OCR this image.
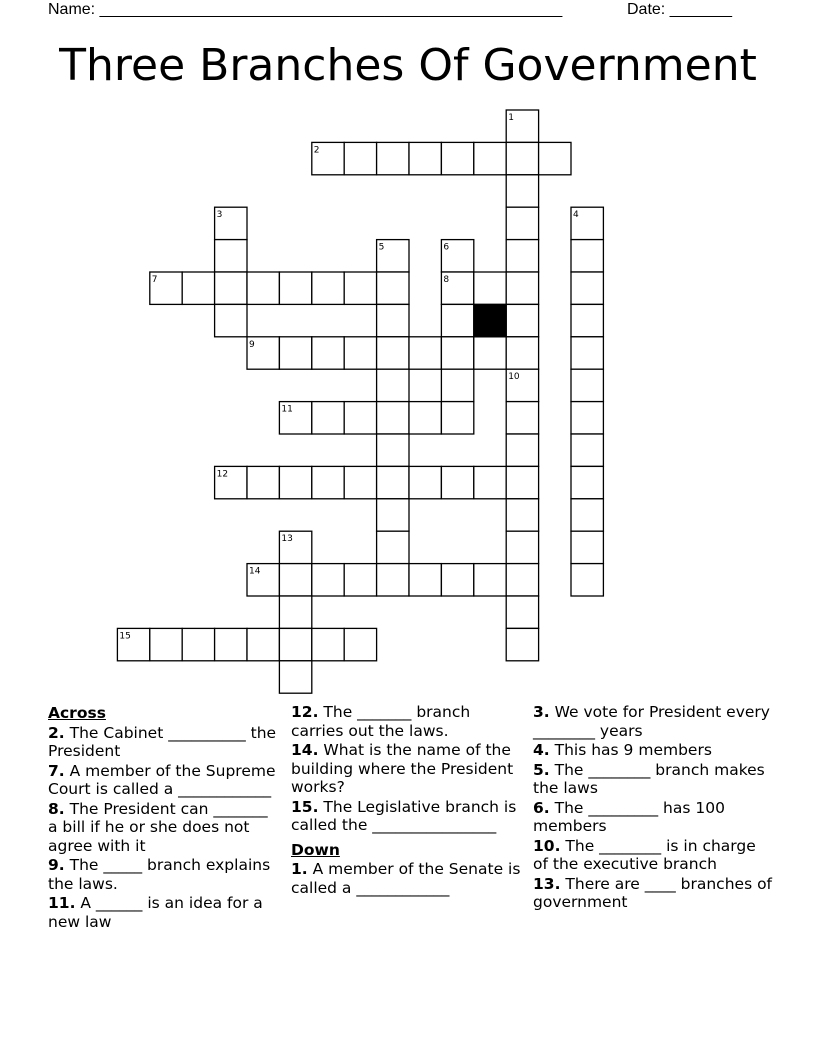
Name: ____________________________________________________	Date: _______
Three Branches Of Government
1
2
3	4
5	6
7	8
9
10
11
12
13
14
15
Across
2. The Cabinet __________ the President
7. A member of the Supreme Court is called a ____________
8. The President can _______ a bill if he or she does not agree with it
9. The _____ branch explains the laws.
11. A ______ is an idea for a new law
12. The _______ branch carries out the laws.
14. What is the name of the building where the President works?
15. The Legislative branch is called the ________________
Down
1. A member of the Senate is called a ____________
3. We vote for President every ________ years
4. This has 9 members
5. The ________ branch makes the laws
6. The _________ has 100 members
10. The ________ is in charge of the executive branch
13. There are ____ branches of government
